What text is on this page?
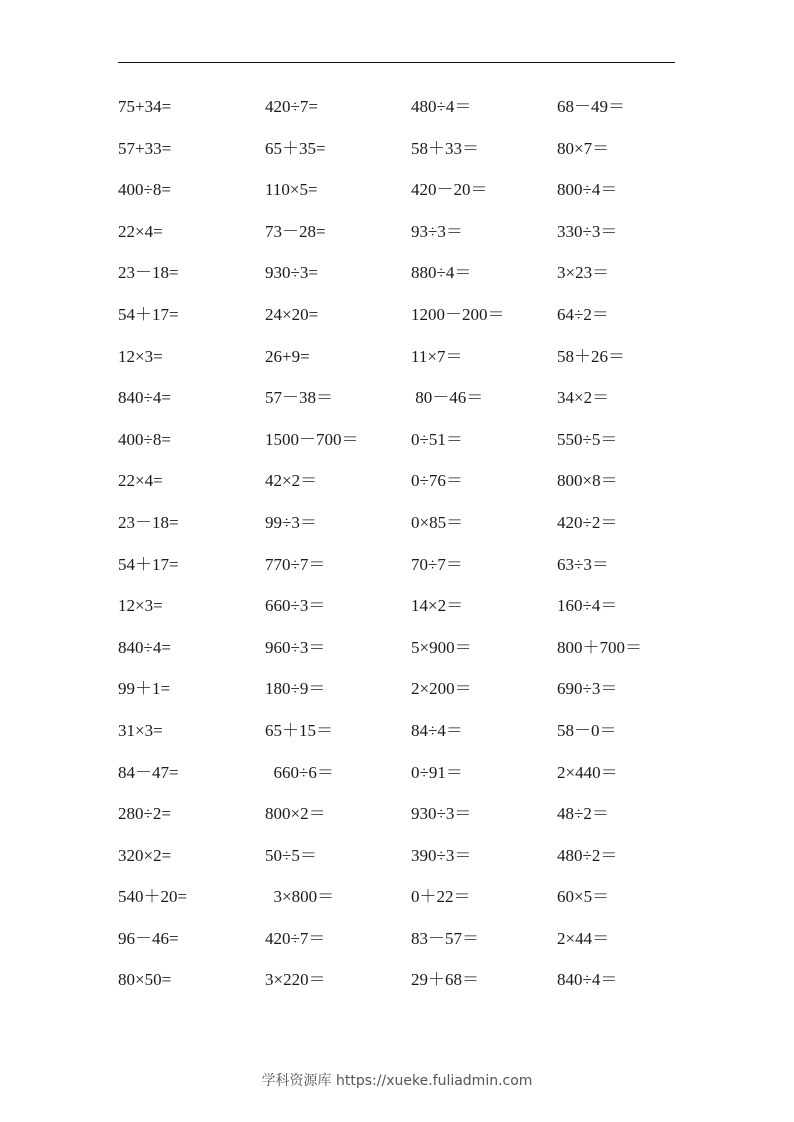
75+34=	420÷7=	480÷4＝	68－49＝
57+33=	65＋35=	58＋33＝	80×7＝
400÷8=	110×5=	420－20＝	800÷4＝
22×4=	73－28=	93÷3＝	330÷3＝
23－18=	930÷3=	880÷4＝	3×23＝
54＋17=	24×20=	1200－200＝	64÷2＝
12×3=	26+9=	11×7＝	58＋26＝
840÷4=	57－38＝	80－46＝	34×2＝
400÷8=	1500－700＝	0÷51＝	550÷5＝
22×4=	42×2＝	0÷76＝	800×8＝
23－18=	99÷3＝	0×85＝	420÷2＝
54＋17=	770÷7＝	70÷7＝	63÷3＝
12×3=	660÷3＝	14×2＝	160÷4＝
840÷4=	960÷3＝	5×900＝	800＋700＝
99＋1=	180÷9＝	2×200＝	690÷3＝
31×3=	65＋15＝	84÷4＝	58－0＝
84－47=	660÷6＝	0÷91＝	2×440＝
280÷2=	800×2＝	930÷3＝	48÷2＝
320×2=	50÷5＝	390÷3＝	480÷2＝
540＋20=	3×800＝	0＋22＝	60×5＝
96－46=	420÷7＝	83－57＝	2×44＝
80×50=	3×220＝	29＋68＝	840÷4＝
学科资源库 https://xueke.fuliadmin.com
